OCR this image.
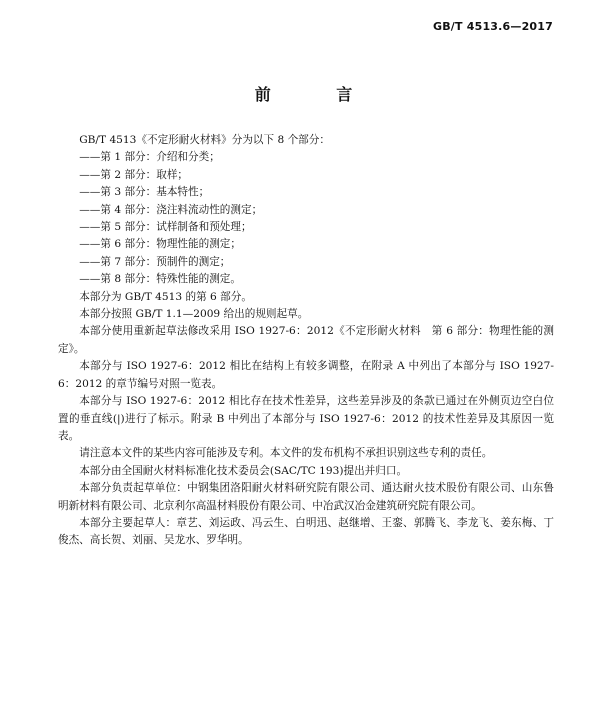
GB/T 4513.6—2017
前 言

GB/T 4513《不定形耐火材料》分为以下 8 个部分：

——第 1 部分：介绍和分类；
——第 2 部分：取样；
——第 3 部分：基本特性；
——第 4 部分：浇注料流动性的测定；
——第 5 部分：试样制备和预处理；
——第 6 部分：物理性能的测定；
——第 7 部分：预制件的测定；
——第 8 部分：特殊性能的测定。

本部分为 GB/T 4513 的第 6 部分。

本部分按照 GB/T 1.1—2009 给出的规则起草。

本部分使用重新起草法修改采用 ISO 1927-6：2012《不定形耐火材料　第 6 部分：物理性能的测定》。

本部分与 ISO 1927-6：2012 相比在结构上有较多调整，在附录 A 中列出了本部分与 ISO 1927-6：2012 的章节编号对照一览表。

本部分与 ISO 1927-6：2012 相比存在技术性差异，这些差异涉及的条款已通过在外侧页边空白位置的垂直线(|)进行了标示。附录 B 中列出了本部分与 ISO 1927-6：2012 的技术性差异及其原因一览表。

请注意本文件的某些内容可能涉及专利。本文件的发布机构不承担识别这些专利的责任。

本部分由全国耐火材料标准化技术委员会(SAC/TC 193)提出并归口。

本部分负责起草单位：中钢集团洛阳耐火材料研究院有限公司、通达耐火技术股份有限公司、山东鲁明新材料有限公司、北京利尔高温材料股份有限公司、中冶武汉冶金建筑研究院有限公司。

本部分主要起草人：章艺、刘运政、冯云生、白明迅、赵继增、王銮、郭腾飞、李龙飞、姜东梅、丁俊杰、高长贺、刘丽、吴龙水、罗华明。
